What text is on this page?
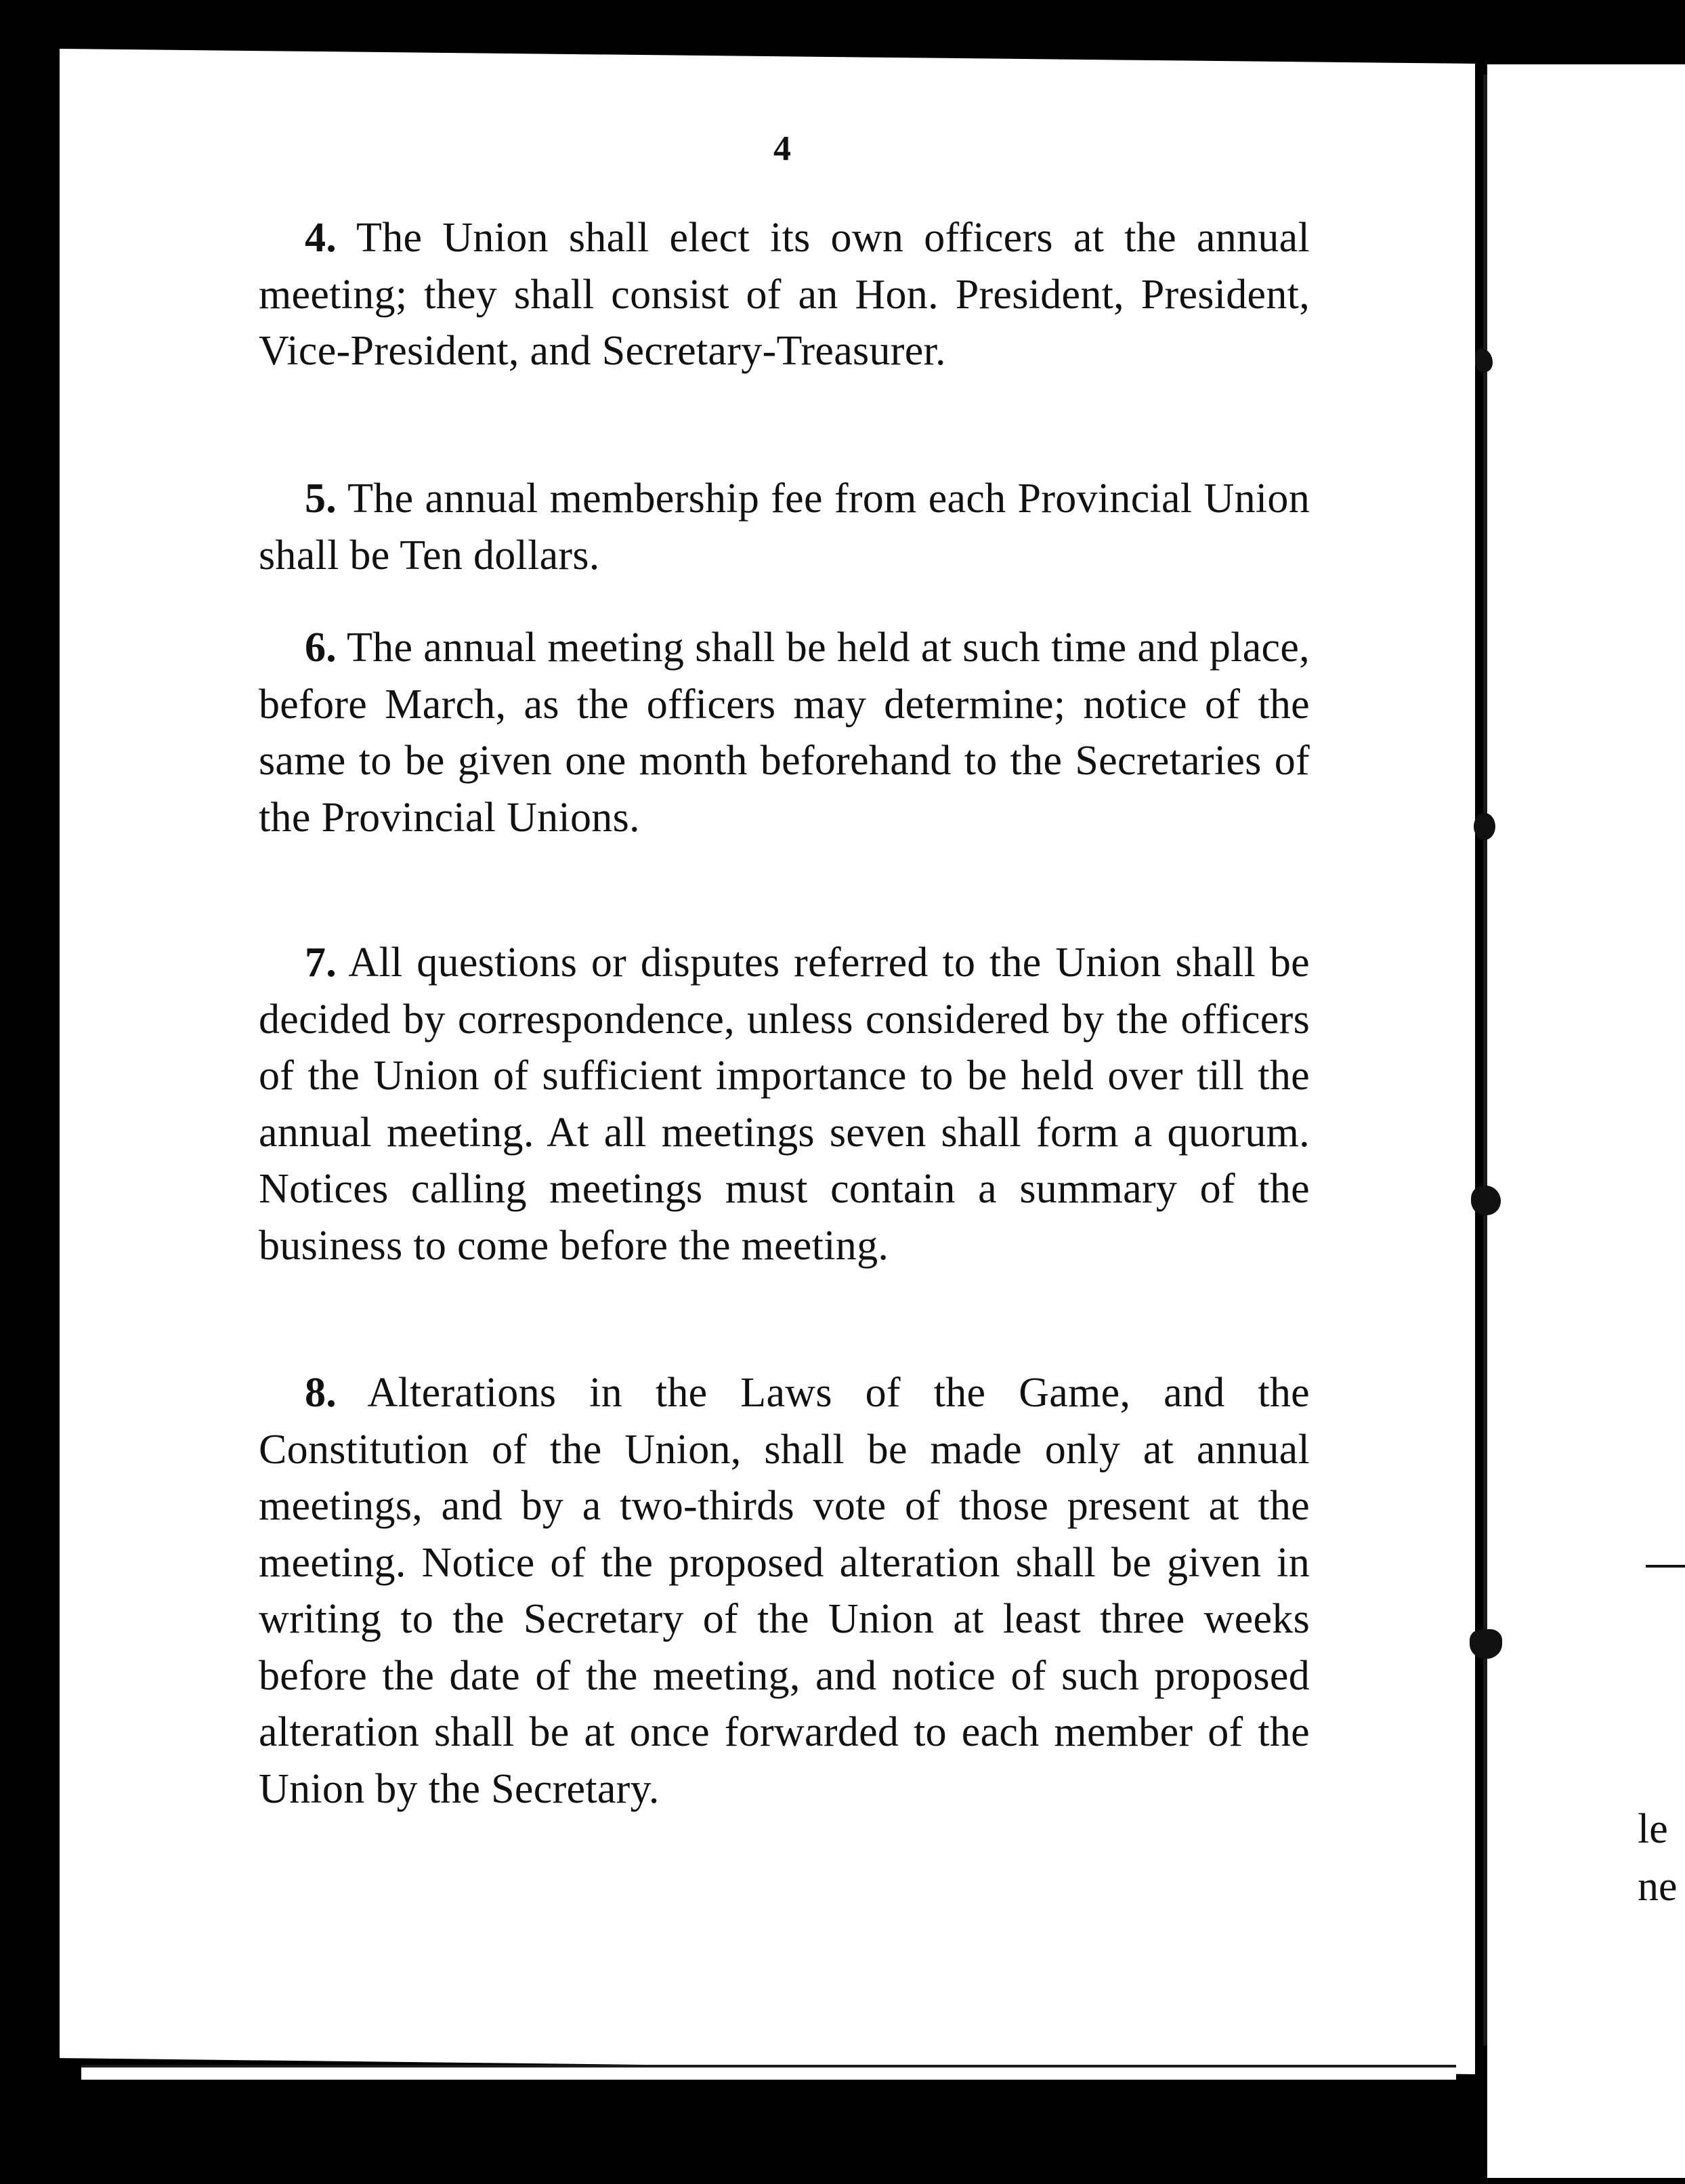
4
4. The Union shall elect its own officers at the annual meeting; they shall consist of an Hon. President, President, Vice-President, and Secretary-Treasurer.
5. The annual membership fee from each Provincial Union shall be Ten dollars.
6. The annual meeting shall be held at such time and place, before March, as the officers may determine; notice of the same to be given one month beforehand to the Secretaries of the Provincial Unions.
7. All questions or disputes referred to the Union shall be decided by correspondence, unless considered by the officers of the Union of sufficient importance to be held over till the annual meeting. At all meetings seven shall form a quorum. Notices calling meetings must contain a summary of the business to come before the meeting.
8. Alterations in the Laws of the Game, and the Constitution of the Union, shall be made only at annual meetings, and by a two-thirds vote of those present at the meeting. Notice of the proposed alteration shall be given in writing to the Secretary of the Union at least three weeks before the date of the meeting, and notice of such proposed alteration shall be at once forwarded to each member of the Union by the Secretary.
le
ne
